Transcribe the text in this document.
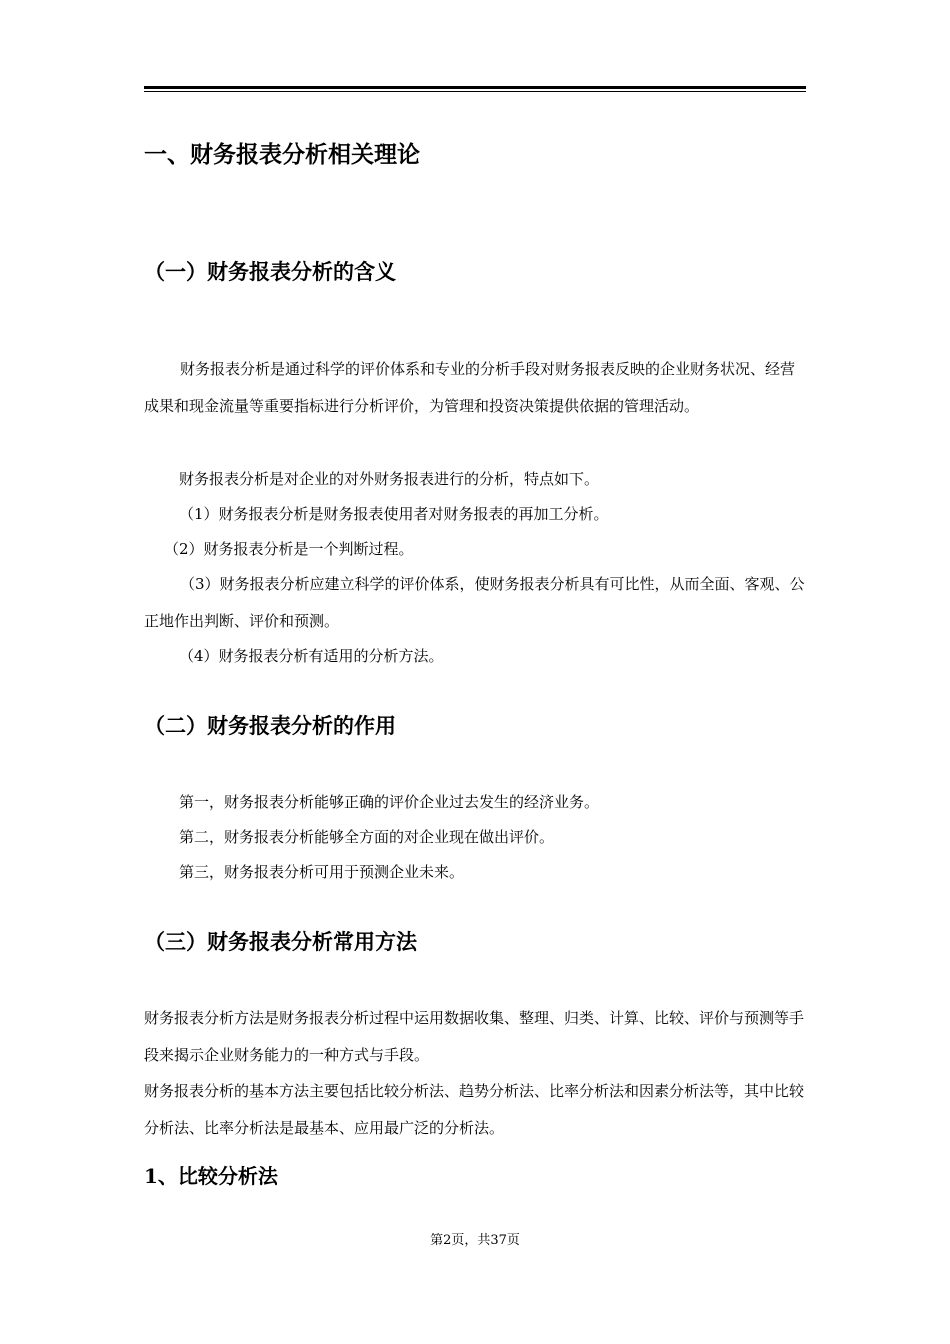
一、财务报表分析相关理论
（一）财务报表分析的含义
财务报表分析是通过科学的评价体系和专业的分析手段对财务报表反映的企业财务状况、经营成果和现金流量等重要指标进行分析评价，为管理和投资决策提供依据的管理活动。
财务报表分析是对企业的对外财务报表进行的分析，特点如下。
（1）财务报表分析是财务报表使用者对财务报表的再加工分析。
（2）财务报表分析是一个判断过程。
（3）财务报表分析应建立科学的评价体系，使财务报表分析具有可比性，从而全面、客观、公正地作出判断、评价和预测。
（4）财务报表分析有适用的分析方法。
（二）财务报表分析的作用
第一，财务报表分析能够正确的评价企业过去发生的经济业务。
第二，财务报表分析能够全方面的对企业现在做出评价。
第三，财务报表分析可用于预测企业未来。
（三）财务报表分析常用方法
财务报表分析方法是财务报表分析过程中运用数据收集、整理、归类、计算、比较、评价与预测等手段来揭示企业财务能力的一种方式与手段。
财务报表分析的基本方法主要包括比较分析法、趋势分析法、比率分析法和因素分析法等，其中比较分析法、比率分析法是最基本、应用最广泛的分析法。
1、比较分析法
第2页，共37页
